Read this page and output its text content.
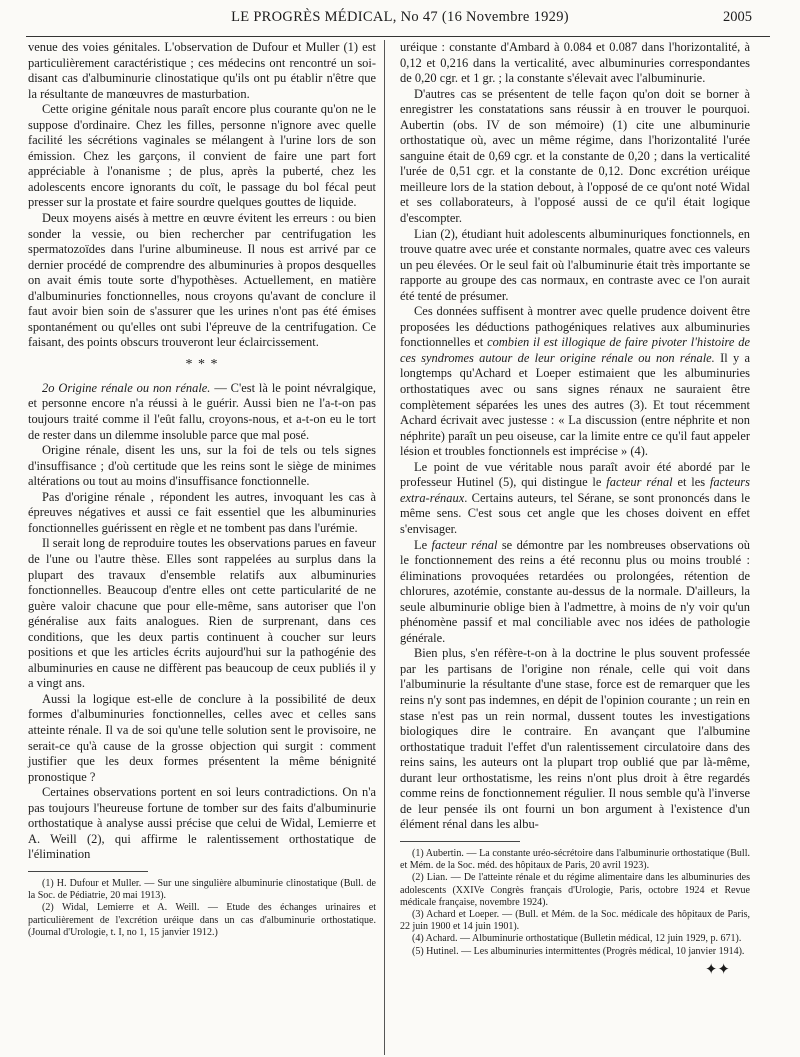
LE PROGRÈS MÉDICAL, No 47 (16 Novembre 1929)	2005

venue des voies génitales. L'observation de Dufour et Muller (1) est particulièrement caractéristique ; ces médecins ont rencontré un soi-disant cas d'albuminurie clinostatique qu'ils ont pu établir n'être que la résultante de manœuvres de masturbation.

Cette origine génitale nous paraît encore plus courante qu'on ne le suppose d'ordinaire. Chez les filles, personne n'ignore avec quelle facilité les sécrétions vaginales se mélangent à l'urine lors de son émission. Chez les garçons, il convient de faire une part fort appréciable à l'onanisme ; de plus, après la puberté, chez les adolescents encore ignorants du coït, le passage du bol fécal peut presser sur la prostate et faire sourdre quelques gouttes de liquide.

Deux moyens aisés à mettre en œuvre évitent les erreurs : ou bien sonder la vessie, ou bien rechercher par centrifugation les spermatozoïdes dans l'urine albumineuse. Il nous est arrivé par ce dernier procédé de comprendre des albuminuries à propos desquelles on avait émis toute sorte d'hypothèses. Actuellement, en matière d'albuminuries fonctionnelles, nous croyons qu'avant de conclure il faut avoir bien soin de s'assurer que les urines n'ont pas été émises spontanément ou qu'elles ont subi l'épreuve de la centrifugation. Ce faisant, des points obscurs trouveront leur éclaircissement.

* * *

2o Origine rénale ou non rénale. — C'est là le point névralgique, et personne encore n'a réussi à le guérir. Aussi bien ne l'a-t-on pas toujours traité comme il l'eût fallu, croyons-nous, et a-t-on eu le tort de rester dans un dilemme insoluble parce que mal posé.

Origine rénale, disent les uns, sur la foi de tels ou tels signes d'insuffisance ; d'où certitude que les reins sont le siège de minimes altérations ou tout au moins d'insuffisance fonctionnelle.

Pas d'origine rénale , répondent les autres, invoquant les cas à épreuves négatives et aussi ce fait essentiel que les albuminuries fonctionnelles guérissent en règle et ne tombent pas dans l'urémie.

Il serait long de reproduire toutes les observations parues en faveur de l'une ou l'autre thèse. Elles sont rappelées au surplus dans la plupart des travaux d'ensemble relatifs aux albuminuries fonctionnelles. Beaucoup d'entre elles ont cette particularité de ne guère valoir chacune que pour elle-même, sans autoriser que l'on généralise aux faits analogues. Rien de surprenant, dans ces conditions, que les deux partis continuent à coucher sur leurs positions et que les articles écrits aujourd'hui sur la pathogénie des albuminuries en cause ne diffèrent pas beaucoup de ceux publiés il y a vingt ans.

Aussi la logique est-elle de conclure à la possibilité de deux formes d'albuminuries fonctionnelles, celles avec et celles sans atteinte rénale. Il va de soi qu'une telle solution sent le provisoire, ne serait-ce qu'à cause de la grosse objection qui surgit : comment justifier que les deux formes présentent la même bénignité pronostique ?

Certaines observations portent en soi leurs contradictions. On n'a pas toujours l'heureuse fortune de tomber sur des faits d'albuminurie orthostatique à analyse aussi précise que celui de Widal, Lemierre et A. Weill (2), qui affirme le ralentissement orthostatique de l'élimination

(1) H. Dufour et Muller. — Sur une singulière albuminurie clinostatique (Bull. de la Soc. de Pédiatrie, 20 mai 1913).

(2) Widal, Lemierre et A. Weill. — Etude des échanges urinaires et particulièrement de l'excrétion uréique dans un cas d'albuminurie orthostatique. (Journal d'Urologie, t. I, no 1, 15 janvier 1912.)

uréique : constante d'Ambard à 0.084 et 0.087 dans l'horizontalité, à 0,12 et 0,216 dans la verticalité, avec albuminuries correspondantes de 0,20 cgr. et 1 gr. ; la constante s'élevait avec l'albuminurie.

D'autres cas se présentent de telle façon qu'on doit se borner à enregistrer les constatations sans réussir à en trouver le pourquoi. Aubertin (obs. IV de son mémoire) (1) cite une albuminurie orthostatique où, avec un même régime, dans l'horizontalité l'urée sanguine était de 0,69 cgr. et la constante de 0,20 ; dans la verticalité l'urée de 0,51 cgr. et la constante de 0,12. Donc excrétion uréique meilleure lors de la station debout, à l'opposé de ce qu'ont noté Widal et ses collaborateurs, à l'opposé aussi de ce qu'il était logique d'escompter.

Lian (2), étudiant huit adolescents albuminuriques fonctionnels, en trouve quatre avec urée et constante normales, quatre avec ces valeurs un peu élevées. Or le seul fait où l'albuminurie était très importante se rapporte au groupe des cas normaux, en contraste avec ce l'on aurait été tenté de présumer.

Ces données suffisent à montrer avec quelle prudence doivent être proposées les déductions pathogéniques relatives aux albuminuries fonctionnelles et combien il est illogique de faire pivoter l'histoire de ces syndromes autour de leur origine rénale ou non rénale. Il y a longtemps qu'Achard et Loeper estimaient que les albuminuries orthostatiques avec ou sans signes rénaux ne sauraient être complètement séparées les unes des autres (3). Et tout récemment Achard écrivait avec justesse : « La discussion (entre néphrite et non néphrite) paraît un peu oiseuse, car la limite entre ce qu'il faut appeler lésion et troubles fonctionnels est imprécise » (4).

Le point de vue véritable nous paraît avoir été abordé par le professeur Hutinel (5), qui distingue le facteur rénal et les facteurs extra-rénaux. Certains auteurs, tel Sérane, se sont prononcés dans le même sens. C'est sous cet angle que les choses doivent en effet s'envisager.

Le facteur rénal se démontre par les nombreuses observations où le fonctionnement des reins a été reconnu plus ou moins troublé : éliminations provoquées retardées ou prolongées, rétention de chlorures, azotémie, constante au-dessus de la normale. D'ailleurs, la seule albuminurie oblige bien à l'admettre, à moins de n'y voir qu'un phénomène passif et mal conciliable avec nos idées de pathologie générale.

Bien plus, s'en réfère-t-on à la doctrine le plus souvent professée par les partisans de l'origine non rénale, celle qui voit dans l'albuminurie la résultante d'une stase, force est de remarquer que les reins n'y sont pas indemnes, en dépit de l'opinion courante ; un rein en stase n'est pas un rein normal, dussent toutes les investigations biologiques dire le contraire. En avançant que l'albumine orthostatique traduit l'effet d'un ralentissement circulatoire dans des reins sains, les auteurs ont la plupart trop oublié que par là-même, durant leur orthostatisme, les reins n'ont plus droit à être regardés comme reins de fonctionnement régulier. Il nous semble qu'à l'inverse de leur pensée ils ont fourni un bon argument à l'existence d'un élément rénal dans les albu-

(1) Aubertin. — La constante uréo-sécrétoire dans l'albuminurie orthostatique (Bull. et Mém. de la Soc. méd. des hôpitaux de Paris, 20 avril 1923).

(2) Lian. — De l'atteinte rénale et du régime alimentaire dans les albuminuries des adolescents (XXIVe Congrès français d'Urologie, Paris, octobre 1924 et Revue médicale française, novembre 1924).

(3) Achard et Loeper. — (Bull. et Mém. de la Soc. médicale des hôpitaux de Paris, 22 juin 1900 et 14 juin 1901).

(4) Achard. — Albuminurie orthostatique (Bulletin médical, 12 juin 1929, p. 671).

(5) Hutinel. — Les albuminuries intermittentes (Progrès médical, 10 janvier 1914).

✦✦
